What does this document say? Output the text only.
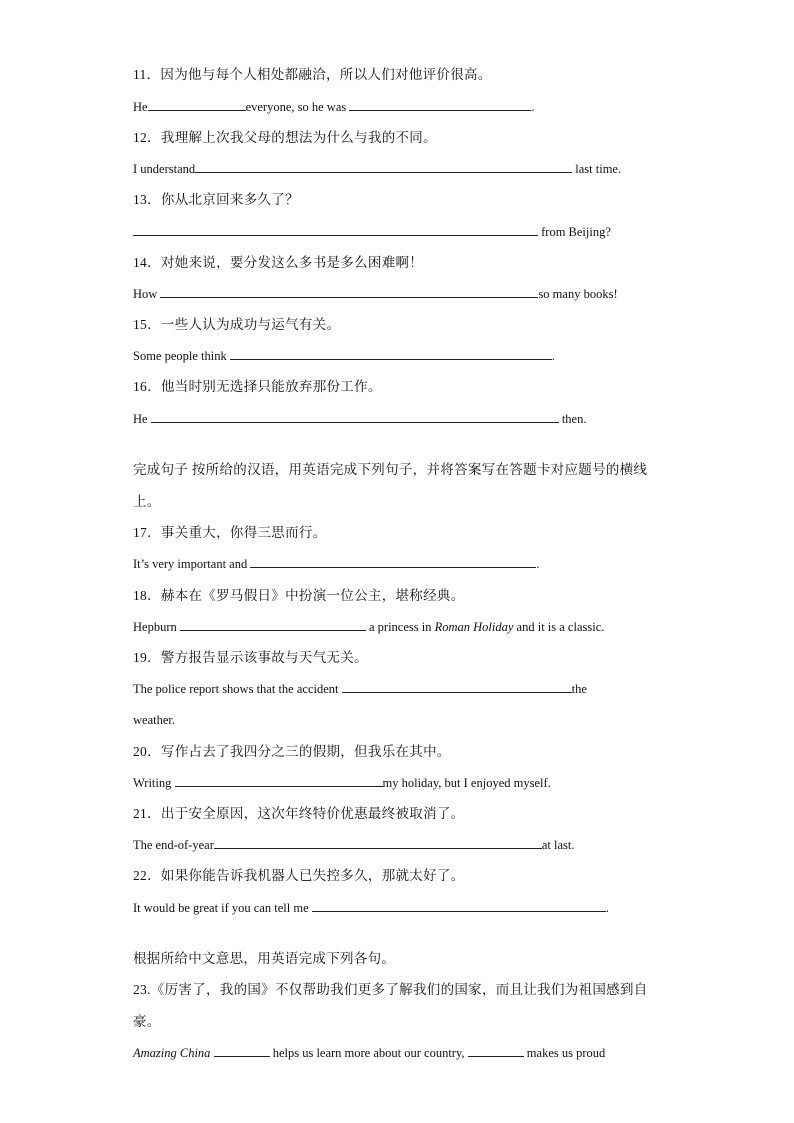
11．因为他与每个人相处都融洽，所以人们对他评价很高。
He	everyone, so he was	.
12．我理解上次我父母的想法为什么与我的不同。
I understand	last time.
13．你从北京回来多久了？
from Beijing?
14．对她来说，要分发这么多书是多么困难啊！
How	so many books!
15．一些人认为成功与运气有关。
Some people think	.
16．他当时别无选择只能放弃那份工作。
He	then.
完成句子 按所给的汉语，用英语完成下列句子，并将答案写在答题卡对应题号的横线
上。
17．事关重大，你得三思而行。
It’s very important and	.
18．赫本在《罗马假日》中扮演一位公主，堪称经典。
Hepburn	a princess in Roman Holiday and it is a classic.
19．警方报告显示该事故与天气无关。
The police report shows that the accident	the
weather.
20．写作占去了我四分之三的假期，但我乐在其中。
Writing	my holiday, but I enjoyed myself.
21．出于安全原因，这次年终特价优惠最终被取消了。
The end-of-year	at last.
22．如果你能告诉我机器人已失控多久，那就太好了。
It would be great if you can tell me	.
根据所给中文意思，用英语完成下列各句。
23.《厉害了，我的国》不仅帮助我们更多了解我们的国家，而且让我们为祖国感到自
豪。
Amazing China	helps us learn more about our country,	makes us proud
